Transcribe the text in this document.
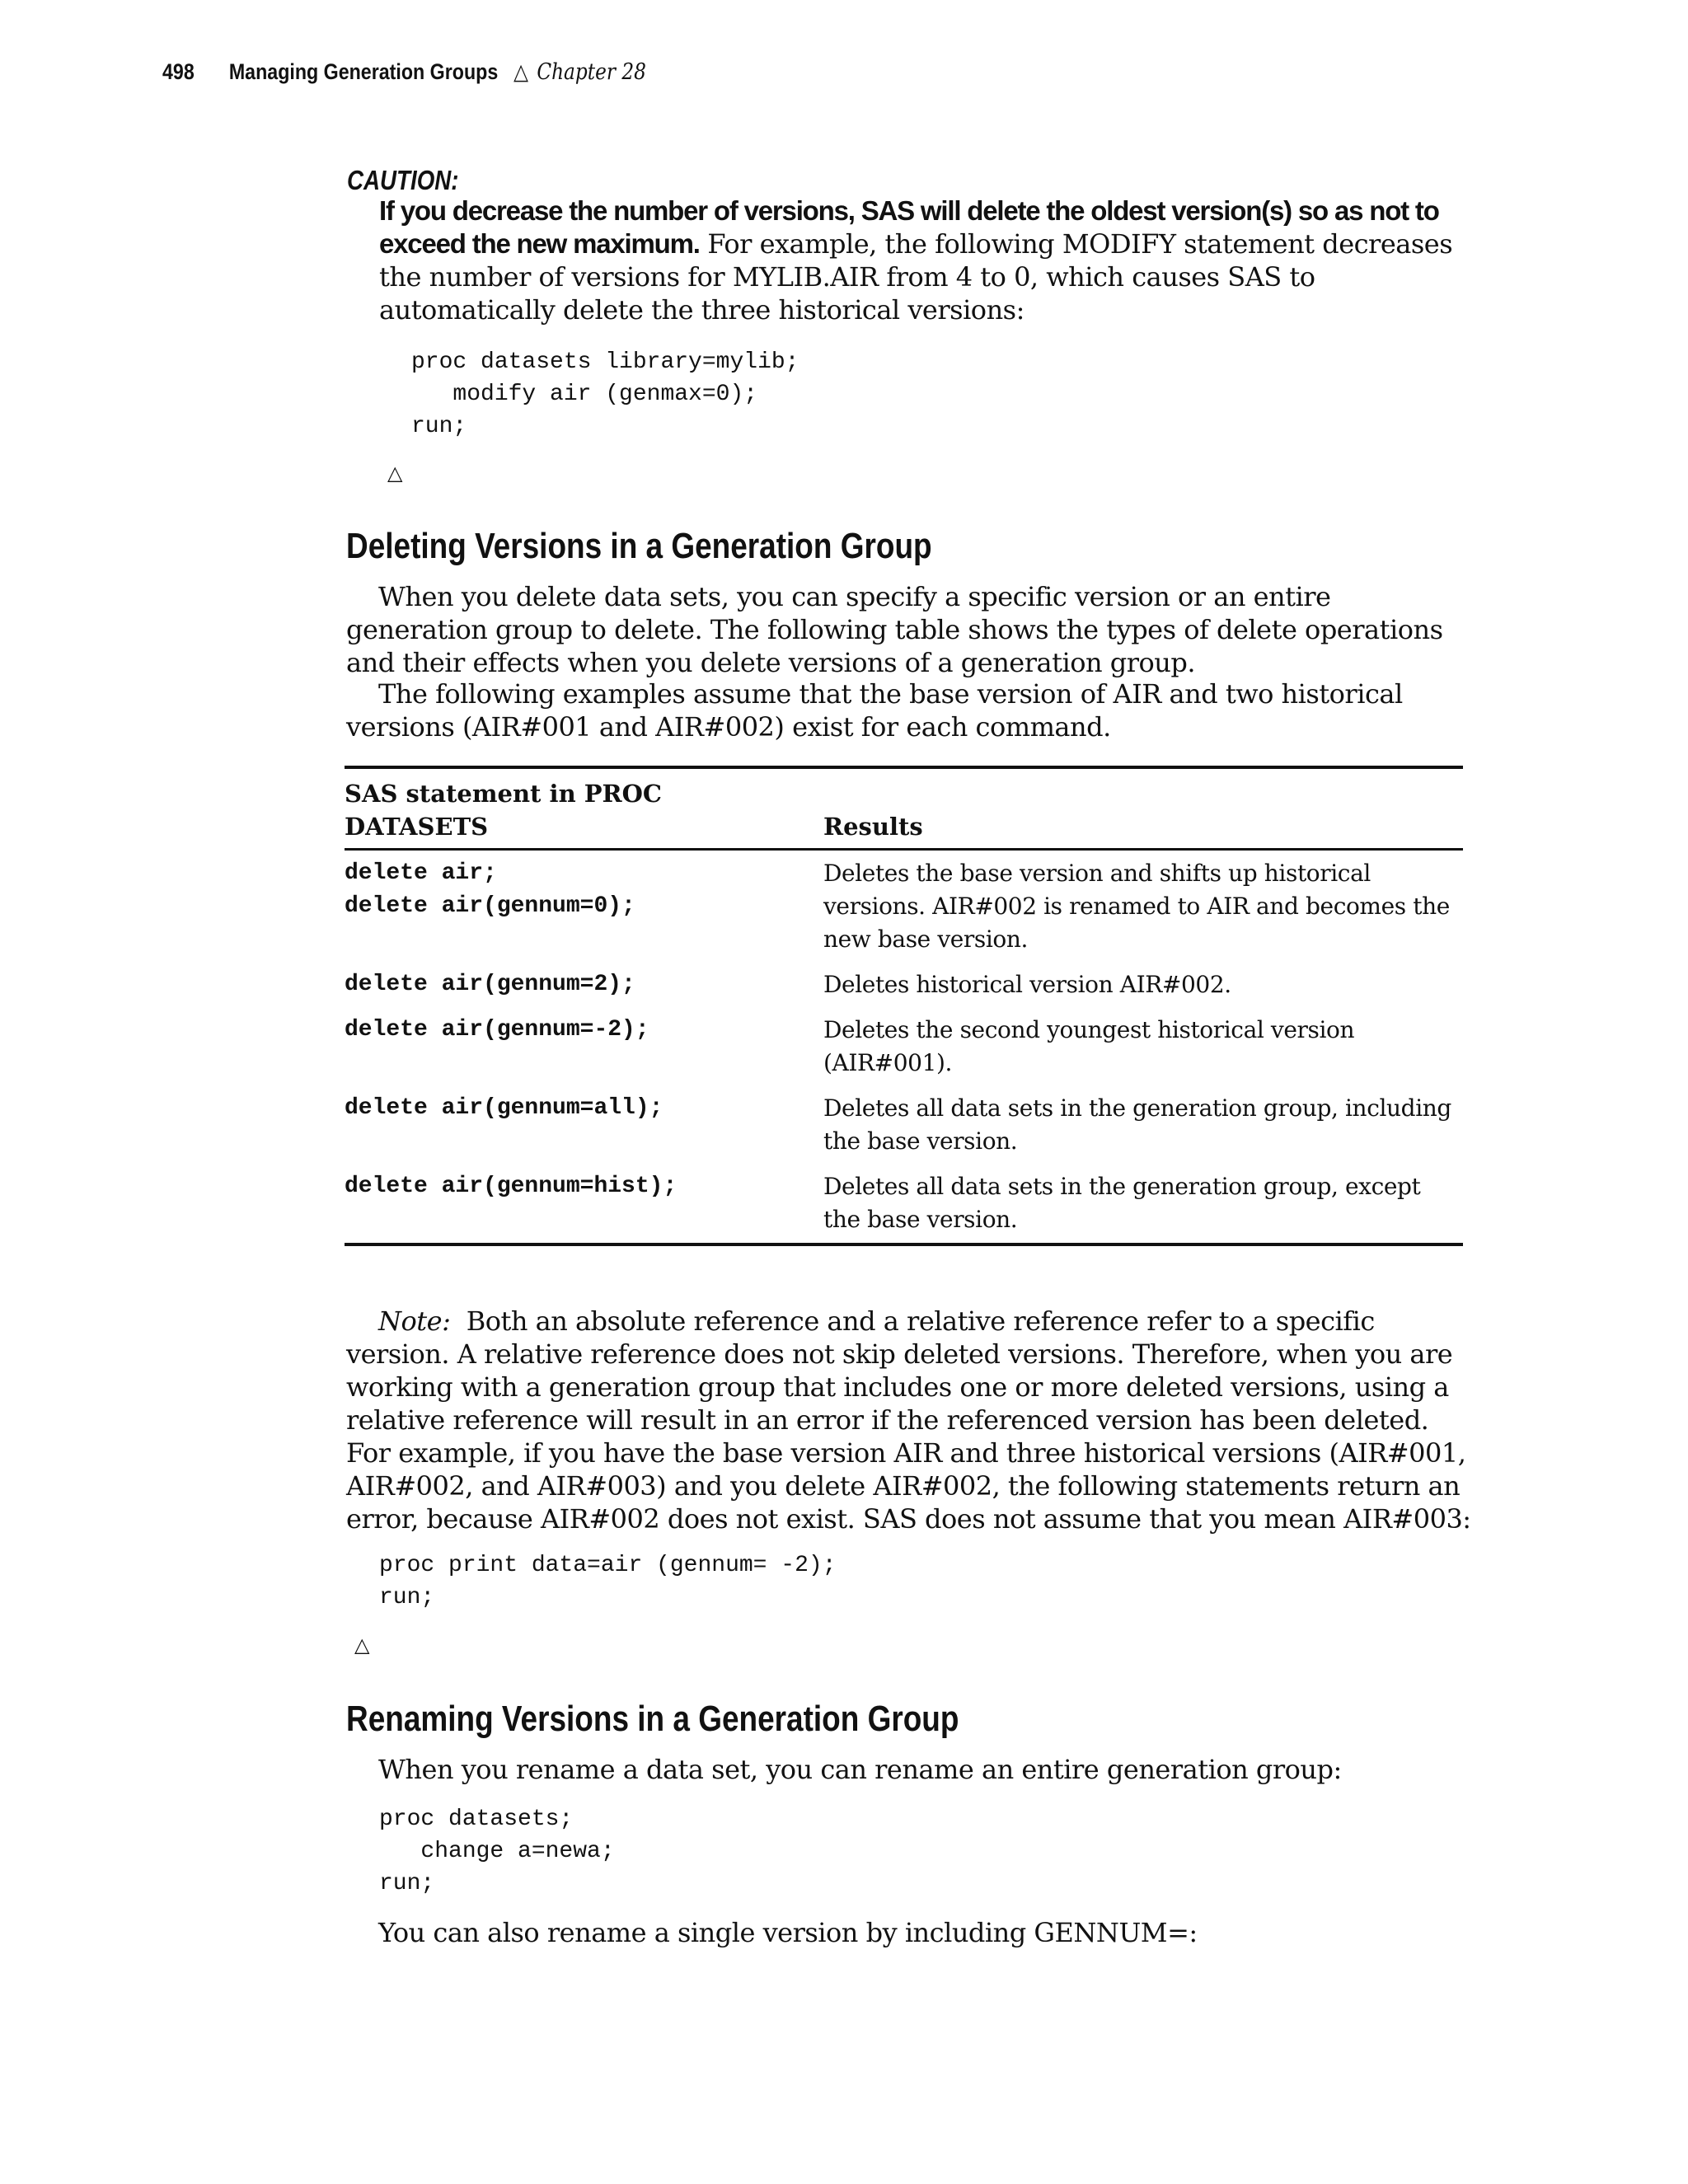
498 Managing Generation Groups △ Chapter 28
CAUTION:
If you decrease the number of versions, SAS will delete the oldest version(s) so as not to exceed the new maximum. For example, the following MODIFY statement decreases the number of versions for MYLIB.AIR from 4 to 0, which causes SAS to automatically delete the three historical versions:
proc datasets library=mylib;
modify air (genmax=0);
run;
△
Deleting Versions in a Generation Group
When you delete data sets, you can specify a specific version or an entire generation group to delete. The following table shows the types of delete operations and their effects when you delete versions of a generation group.
The following examples assume that the base version of AIR and two historical versions (AIR#001 and AIR#002) exist for each command.
SAS statement in PROC DATASETS	Results

delete air;
delete air(gennum=0);	Deletes the base version and shifts up historical versions. AIR#002 is renamed to AIR and becomes the new base version.
delete air(gennum=2);	Deletes historical version AIR#002.
delete air(gennum=-2);	Deletes the second youngest historical version (AIR#001).
delete air(gennum=all);	Deletes all data sets in the generation group, including the base version.
delete air(gennum=hist);	Deletes all data sets in the generation group, except the base version.
Note: Both an absolute reference and a relative reference refer to a specific version. A relative reference does not skip deleted versions. Therefore, when you are working with a generation group that includes one or more deleted versions, using a relative reference will result in an error if the referenced version has been deleted. For example, if you have the base version AIR and three historical versions (AIR#001, AIR#002, and AIR#003) and you delete AIR#002, the following statements return an error, because AIR#002 does not exist. SAS does not assume that you mean AIR#003:
proc print data=air (gennum= -2);
run;
△
Renaming Versions in a Generation Group
When you rename a data set, you can rename an entire generation group:
proc datasets;
change a=newa;
run;
You can also rename a single version by including GENNUM=:
